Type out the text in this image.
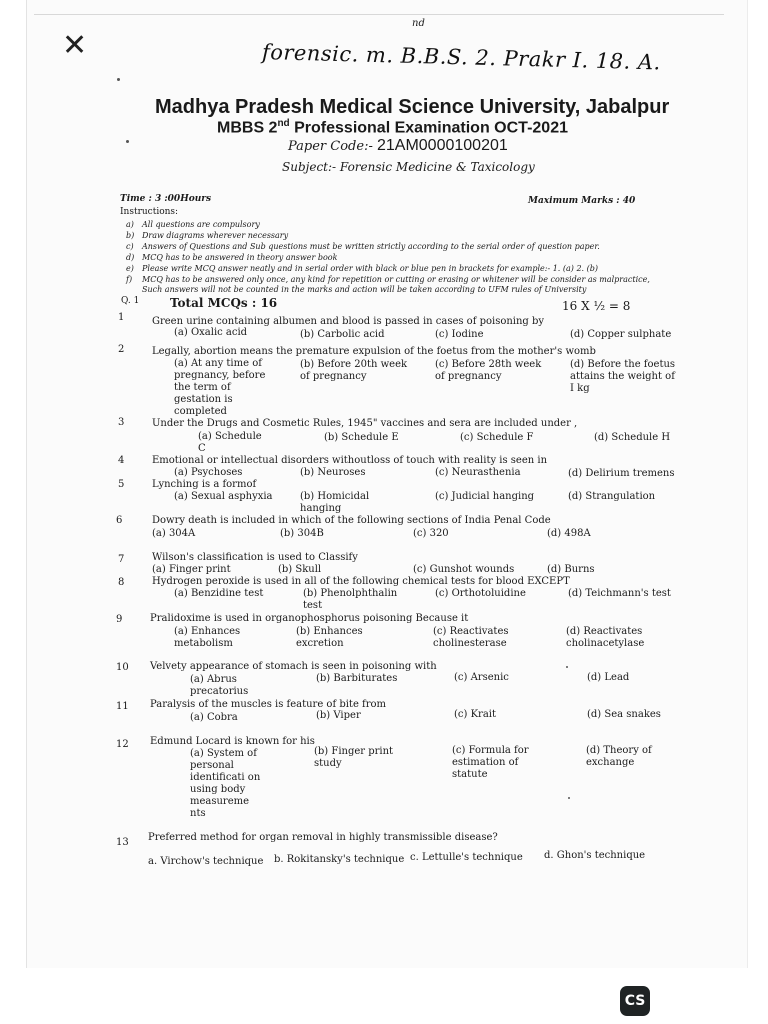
✕	forensic. m. B.B.S. 2. Prakr I. 18. A.
nd
Madhya Pradesh Medical Science University, Jabalpur
MBBS 2nd Professional Examination OCT-2021
Paper Code:- 21AM0000100201
Subject:- Forensic Medicine & Taxicology
Time : 3 :00Hours	Maximum Marks : 40
Instructions:
a) All questions are compulsory
b) Draw diagrams wherever necessary
c) Answers of Questions and Sub questions must be written strictly according to the serial order of question paper.
d) MCQ has to be answered in theory answer book
e) Please write MCQ answer neatly and in serial order with black or blue pen in brackets for example:- 1. (a) 2. (b)
f) MCQ has to be answered only once, any kind for repetition or cutting or erasing or whitener will be consider as malpractice,
Such answers will not be counted in the marks and action will be taken according to UFM rules of University
Q. 1	Total MCQs : 16	16 X ½ = 8
1	Green urine containing albumen and blood is passed in cases of poisoning by
(a) Oxalic acid	(b) Carbolic acid	(c) Iodine	(d) Copper sulphate
2	Legally, abortion means the premature expulsion of the foetus from the mother's womb
(a) At any time of pregnancy, before the term of gestation is completed
(b) Before 20th week of pregnancy
(c) Before 28th week of pregnancy
(d) Before the foetus attains the weight of I kg
3	Under the Drugs and Cosmetic Rules, 1945" vaccines and sera are included under ,
(a) Schedule C
(b) Schedule E	(c) Schedule F	(d) Schedule H
4	Emotional or intellectual disorders withoutloss of touch with reality is seen in
(a) Psychoses	(b) Neuroses	(c) Neurasthenia	(d) Delirium tremens
5	Lynching is a formof
(a) Sexual asphyxia	(b) Homicidal hanging
(c) Judicial hanging	(d) Strangulation
6	Dowry death is included in which of the following sections of India Penal Code
(a) 304A	(b) 304B	(c) 320	(d) 498A
7	Wilson's classification is used to Classify
(a) Finger print	(b) Skull	(c) Gunshot wounds	(d) Burns
8	Hydrogen peroxide is used in all of the following chemical tests for blood EXCEPT
(a) Benzidine test	(b) Phenolphthalin test
(c) Orthotoluidine	(d) Teichmann's test
9	Pralidoxime is used in organophosphorus poisoning Because it
(a) Enhances metabolism
(b) Enhances excretion
(c) Reactivates cholinesterase
(d) Reactivates cholinacetylase
10 Velvety appearance of stomach is seen in poisoning with
(a) Abrus precatorius
(b) Barbiturates	(c) Arsenic	(d) Lead
11 Paralysis of the muscles is feature of bite from
(a) Cobra	(b) Viper	(c) Krait	(d) Sea snakes
12 Edmund Locard is known for his
(a) System of personal identificati on using body measureme nts
(b) Finger print study
(c) Formula for estimation of statute
(d) Theory of exchange
13 Preferred method for organ removal in highly transmissible disease?
a. Virchow's technique b. Rokitansky's technique c. Lettulle's technique d. Ghon's technique
CS
